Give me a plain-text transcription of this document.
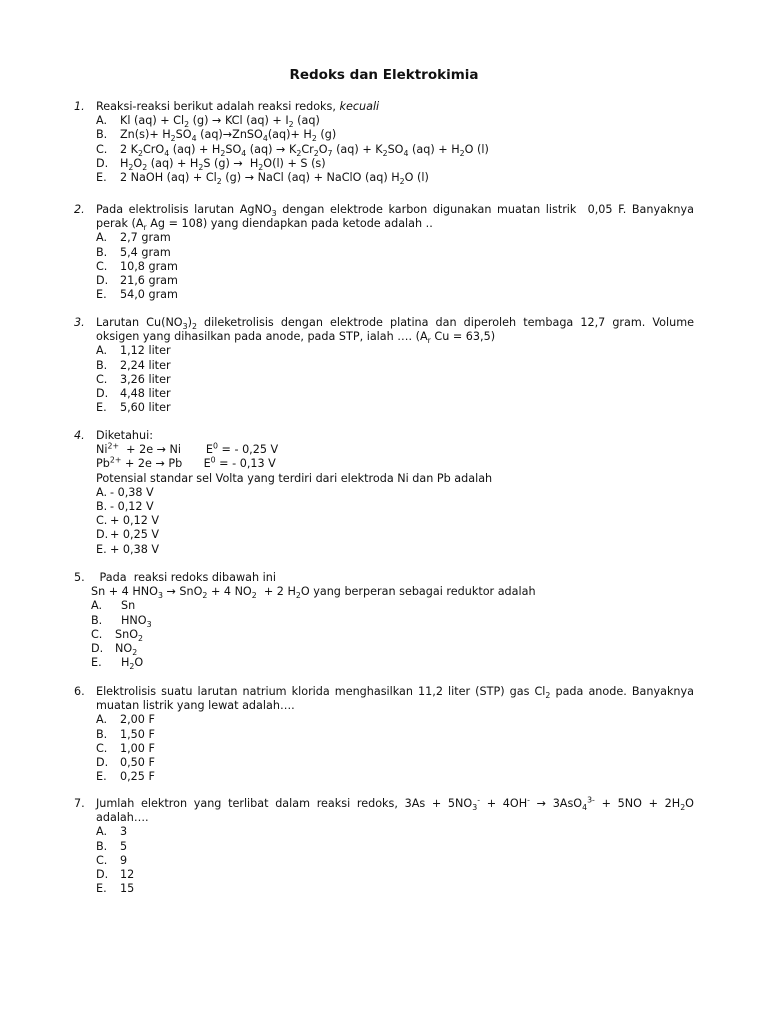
Redoks dan Elektrokimia
1.	Reaksi-reaksi berikut adalah reaksi redoks, kecuali
A. Kl $(aq) + Cl_2$ (g) → KCl $(aq) + I_2$ (aq)
B. $Zn(s)+ H_2SO_4$ (aq)→ZnSO$_4$(aq)+ $H_2$ (g)
C. 2 $K_2CrO_4$ $(aq) + H_2SO_4$ $(aq) \to K_2Cr_2O_7$ $(aq) + K_2SO_4$ $(aq) + H_2O$ (l)
D. $H_2O_2$ $(aq) + H_2S$ $(g) \to H_2O(l) + S$ (s)
E. 2 NaOH $(aq) + Cl_2$ (g) → NaCl (aq) + NaClO (aq) $H_2O$ (l)
2.	Pada elektrolisis larutan AgNO$_3$ dengan elektrode karbon digunakan muatan listrik  0,05 F. Banyaknya perak ($A_r$ Ag = 108) yang diendapkan pada ketode adalah ..
A. 2,7 gram
B. 5,4 gram
C. 10,8 gram
D. 21,6 gram
E. 54,0 gram
3.	Larutan $Cu(NO_3)_2$ dileketrolisis dengan elektrode platina dan diperoleh tembaga 12,7 gram. Volume oksigen yang dihasilkan pada anode, pada STP, ialah …. ($A_r$ Cu = 63,5)
A. 1,12 liter
B. 2,24 liter
C. 3,26 liter
D. 4,48 liter
E. 5,60 liter
4.	Diketahui:
$Ni^{2+} + 2e \to Ni$       $E^0$ = - 0,25 V
$Pb^{2+} + 2e \to Pb$      $E^0$ = - 0,13 V
Potensial standar sel Volta yang terdiri dari elektroda Ni dan Pb adalah
A. - 0,38 V
B. - 0,12 V
C. + 0,12 V
D. + 0,25 V
E. + 0,38 V
5.	Pada  reaksi redoks dibawah ini
Sn + 4 $HNO_3 \to SnO_2 + 4$ $NO_2 + 2$ $H_2O$ yang berperan sebagai reduktor adalah
A. Sn
B. $HNO_3$
C. SnO$_2$
D. $NO_2$
E. $H_2O$
6.	Elektrolisis suatu larutan natrium klorida menghasilkan 11,2 liter (STP) gas $Cl_2$ pada anode. Banyaknya muatan listrik yang lewat adalah….
A. 2,00 F
B. 1,50 F
C. 1,00 F
D. 0,50 F
E. 0,25 F
7.	Jumlah elektron yang terlibat dalam reaksi redoks, $3As + 5NO_3^- + 4OH^- \to 3AsO_4^{3-} + 5NO + 2H_2O$ adalah….
A. 3
B. 5
C. 9
D. 12
E. 15
